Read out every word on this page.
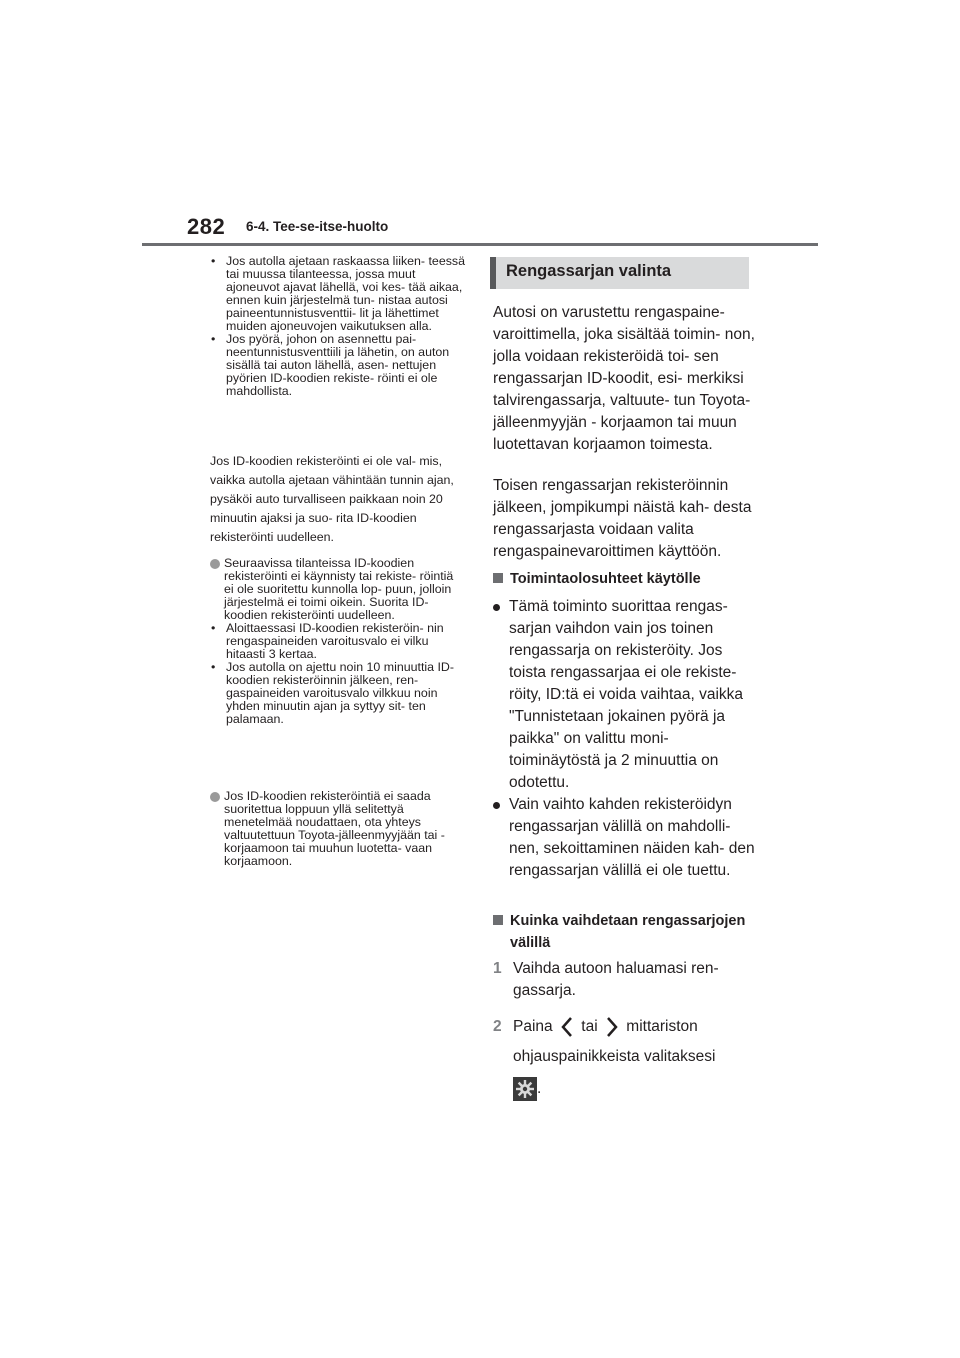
282 6-4. Tee-se-itse-huolto
• Jos autolla ajetaan raskaassa liiken- teessä tai muussa tilanteessa, jossa muut ajoneuvot ajavat lähellä, voi kes- tää aikaa, ennen kuin järjestelmä tun- nistaa autosi paineentunnistusventtii- lit ja lähettimet muiden ajoneuvojen vaikutuksen alla.
• Jos pyörä, johon on asennettu pai- neentunnistusventtiili ja lähetin, on auton sisällä tai auton lähellä, asen- nettujen pyörien ID-koodien rekiste- röinti ei ole mahdollista.
Jos ID-koodien rekisteröinti ei ole val- mis, vaikka autolla ajetaan vähintään tunnin ajan, pysäköi auto turvalliseen paikkaan noin 20 minuutin ajaksi ja suo- rita ID-koodien rekisteröinti uudelleen.
Seuraavissa tilanteissa ID-koodien rekisteröinti ei käynnisty tai rekiste- röintiä ei ole suoritettu kunnolla lop- puun, jolloin järjestelmä ei toimi oikein. Suorita ID-koodien rekisteröinti uudelleen.
• Aloittaessasi ID-koodien rekisteröin- nin rengaspaineiden varoitusvalo ei vilku hitaasti 3 kertaa.
• Jos autolla on ajettu noin 10 minuuttia ID-koodien rekisteröinnin jälkeen, ren- gaspaineiden varoitusvalo vilkkuu noin yhden minuutin ajan ja syttyy sit- ten palamaan.
Jos ID-koodien rekisteröintiä ei saada suoritettua loppuun yllä selitettyä menetelmää noudattaen, ota yhteys valtuutettuun Toyota-jälleenmyyjään tai -korjaamoon tai muuhun luotetta- vaan korjaamoon.
Rengassarjan valinta
Autosi on varustettu rengaspaine- varoittimella, joka sisältää toimin- non, jolla voidaan rekisteröidä toi- sen rengassarjan ID-koodit, esi- merkiksi talvirengassarja, valtuute- tun Toyota-jälleenmyyjän - korjaamon tai muun luotettavan korjaamon toimesta.
Toisen rengassarjan rekisteröinnin jälkeen, jompikumpi näistä kah- desta rengassarjasta voidaan valita rengaspainevaroittimen käyttöön.
Toimintaolosuhteet käytölle
Tämä toiminto suorittaa rengas- sarjan vaihdon vain jos toinen rengassarja on rekisteröity. Jos toista rengassarjaa ei ole rekiste- röity, ID:tä ei voida vaihtaa, vaikka "Tunnistetaan jokainen pyörä ja paikka" on valittu moni- toiminäytöstä ja 2 minuuttia on odotettu.
Vain vaihto kahden rekisteröidyn rengassarjan välillä on mahdolli- nen, sekoittaminen näiden kah- den rengassarjan välillä ei ole tuettu.
Kuinka vaihdetaan rengassarjojen välillä
1 Vaihda autoon haluamasi ren- gassarja.
2 Paina tai mittariston
ohjauspainikkeista valitaksesi
.
